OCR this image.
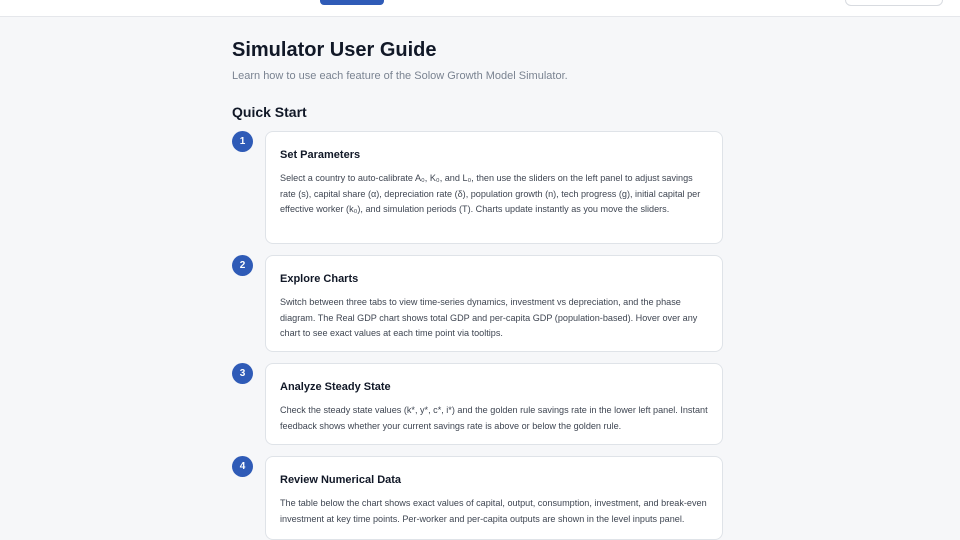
Simulator User Guide
Learn how to use each feature of the Solow Growth Model Simulator.
Quick Start
1
Set Parameters
Select a country to auto-calibrate A₀, K₀, and L₀, then use the sliders on the left panel to adjust savings rate (s), capital share (α), depreciation rate (δ), population growth (n), tech progress (g), initial capital per effective worker (k₀), and simulation periods (T). Charts update instantly as you move the sliders.
2
Explore Charts
Switch between three tabs to view time-series dynamics, investment vs depreciation, and the phase diagram. The Real GDP chart shows total GDP and per-capita GDP (population-based). Hover over any chart to see exact values at each time point via tooltips.
3
Analyze Steady State
Check the steady state values (k*, y*, c*, i*) and the golden rule savings rate in the lower left panel. Instant feedback shows whether your current savings rate is above or below the golden rule.
4
Review Numerical Data
The table below the chart shows exact values of capital, output, consumption, investment, and break-even investment at key time points. Per-worker and per-capita outputs are shown in the level inputs panel.
